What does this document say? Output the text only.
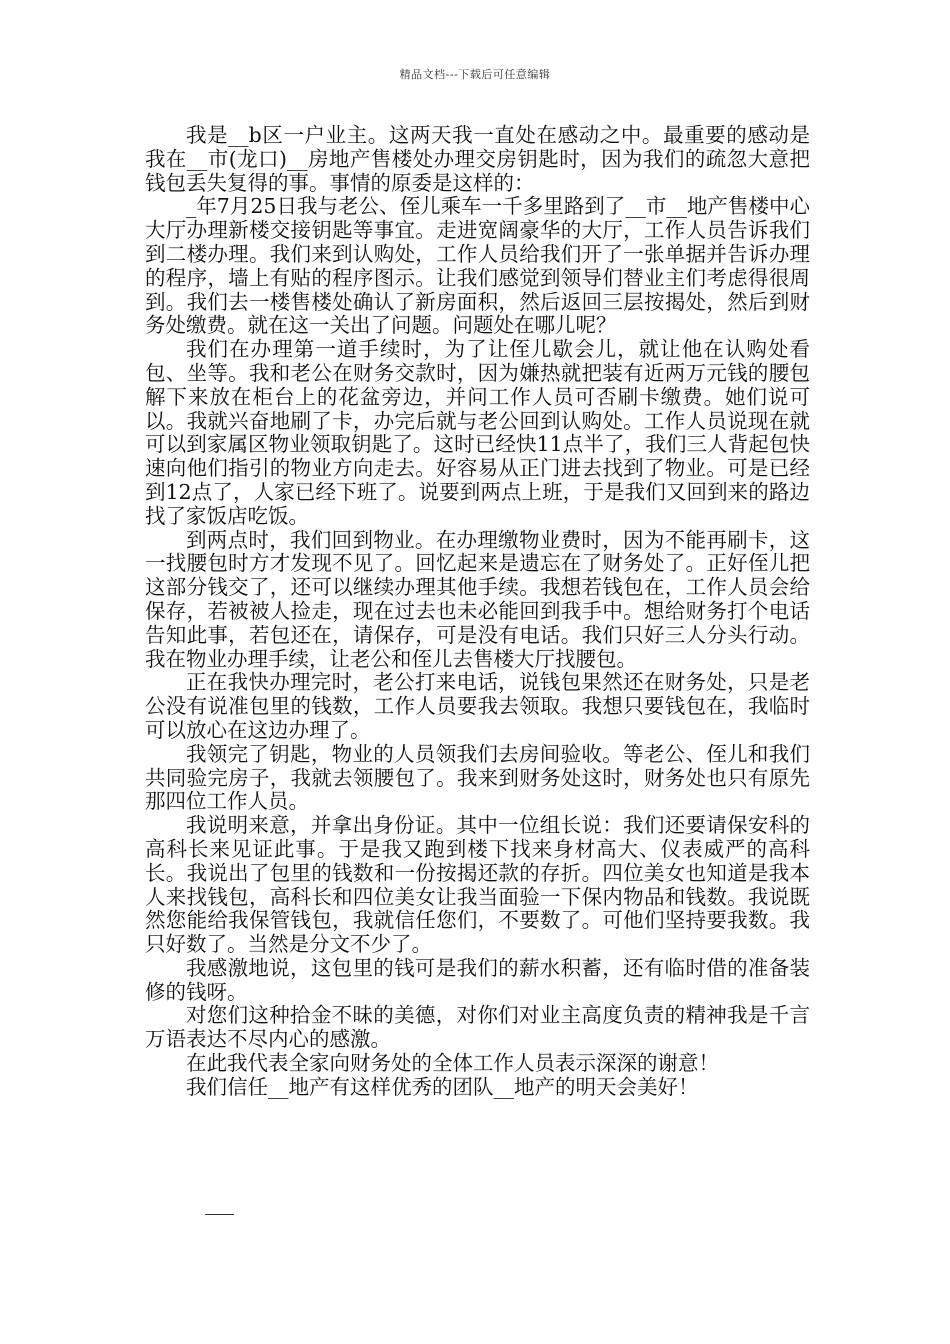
精品文档---下载后可任意编辑

我是__b区一户业主。这两天我一直处在感动之中。最重要的感动是我在__市(龙口)__房地产售楼处办理交房钥匙时，因为我们的疏忽大意把钱包丢失复得的事。事情的原委是这样的：

_年7月25日我与老公、侄儿乘车一千多里路到了__市__地产售楼中心大厅办理新楼交接钥匙等事宜。走进宽阔豪华的大厅，工作人员告诉我们到二楼办理。我们来到认购处，工作人员给我们开了一张单据并告诉办理的程序，墙上有贴的程序图示。让我们感觉到领导们替业主们考虑得很周到。我们去一楼售楼处确认了新房面积，然后返回三层按揭处，然后到财务处缴费。就在这一关出了问题。问题处在哪儿呢？

我们在办理第一道手续时，为了让侄儿歇会儿，就让他在认购处看包、坐等。我和老公在财务交款时，因为嫌热就把装有近两万元钱的腰包解下来放在柜台上的花盆旁边，并问工作人员可否刷卡缴费。她们说可以。我就兴奋地刷了卡，办完后就与老公回到认购处。工作人员说现在就可以到家属区物业领取钥匙了。这时已经快11点半了，我们三人背起包快速向他们指引的物业方向走去。好容易从正门进去找到了物业。可是已经到12点了，人家已经下班了。说要到两点上班，于是我们又回到来的路边找了家饭店吃饭。

到两点时，我们回到物业。在办理缴物业费时，因为不能再刷卡，这一找腰包时方才发现不见了。回忆起来是遗忘在了财务处了。正好侄儿把这部分钱交了，还可以继续办理其他手续。我想若钱包在，工作人员会给保存，若被被人捡走，现在过去也未必能回到我手中。想给财务打个电话告知此事，若包还在，请保存，可是没有电话。我们只好三人分头行动。我在物业办理手续，让老公和侄儿去售楼大厅找腰包。

正在我快办理完时，老公打来电话，说钱包果然还在财务处，只是老公没有说准包里的钱数，工作人员要我去领取。我想只要钱包在，我临时可以放心在这边办理了。

我领完了钥匙，物业的人员领我们去房间验收。等老公、侄儿和我们共同验完房子，我就去领腰包了。我来到财务处这时，财务处也只有原先那四位工作人员。

我说明来意，并拿出身份证。其中一位组长说：我们还要请保安科的高科长来见证此事。于是我又跑到楼下找来身材高大、仪表威严的高科长。我说出了包里的钱数和一份按揭还款的存折。四位美女也知道是我本人来找钱包，高科长和四位美女让我当面验一下保内物品和钱数。我说既然您能给我保管钱包，我就信任您们，不要数了。可他们坚持要我数。我只好数了。当然是分文不少了。

我感激地说，这包里的钱可是我们的薪水积蓄，还有临时借的准备装修的钱呀。

对您们这种拾金不昧的美德，对你们对业主高度负责的精神我是千言万语表达不尽内心的感激。

在此我代表全家向财务处的全体工作人员表示深深的谢意！

我们信任__地产有这样优秀的团队__地产的明天会美好！
